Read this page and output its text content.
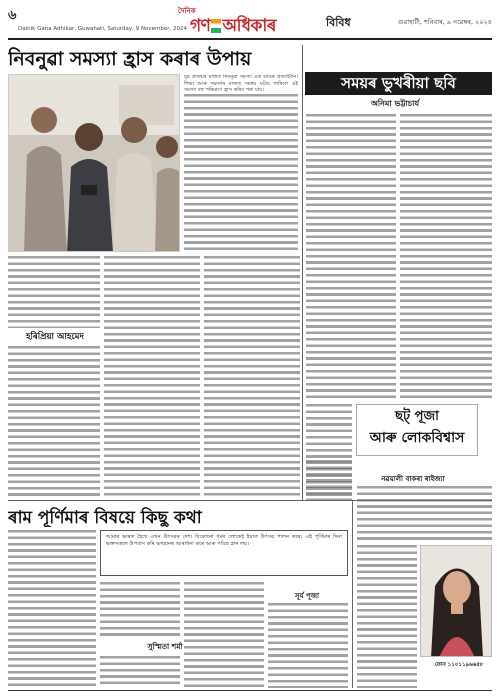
৬
Dainik Gana Adhikar, Guwahati, Saturday, 9 November, 2024
দৈনিক
গণ অধিকাৰ	বিবিধ	গুৱাহাটী, শনিবাৰ, ৯ নৱেম্বৰ, ২০২৪
নিবনুৱা সমস্যা হ্ৰাস কৰাৰ উপায়

যুৱ প্ৰজন্মৰ মাজত নিবনুৱা সমস্যা এক ডাঙৰ প্ৰত্যাহ্বান। শিক্ষা আৰু দক্ষতাৰ মাজত সমন্বয় ঘটাব পাৰিলে এই সমস্যা বহু পৰিমাণে হ্ৰাস কৰিব পৰা যায়।

হৰিপ্ৰিয়া আহমেদ
সময়ৰ ভুখৰীয়া ছবি
অনিমা ভট্টাচাৰ্য
ছট্ পূজা
আৰু লোকবিশ্বাস
নৱয়ালী বাকৰা ৰাইজ্যা
ৰাম পূৰ্ণিমাৰ বিষয়ে কিছু কথা
আমাৰ ভাৰত হৈছে এখন উৎসৱৰ দেশ। যিকোনো ধৰ্মৰ লোকেই ইয়াত উৎসৱ পালন কৰে। এই পূৰ্ণিমাৰ দিনা ভক্তসকলে উপবাস কৰি ভগৱানৰ আৰাধনা কৰে আৰু পবিত্ৰ স্নান লয়।
সুস্মিতা শৰ্মা
সূৰ্য পূজা
ফোন ১১০১১৯৬৬৫৮
